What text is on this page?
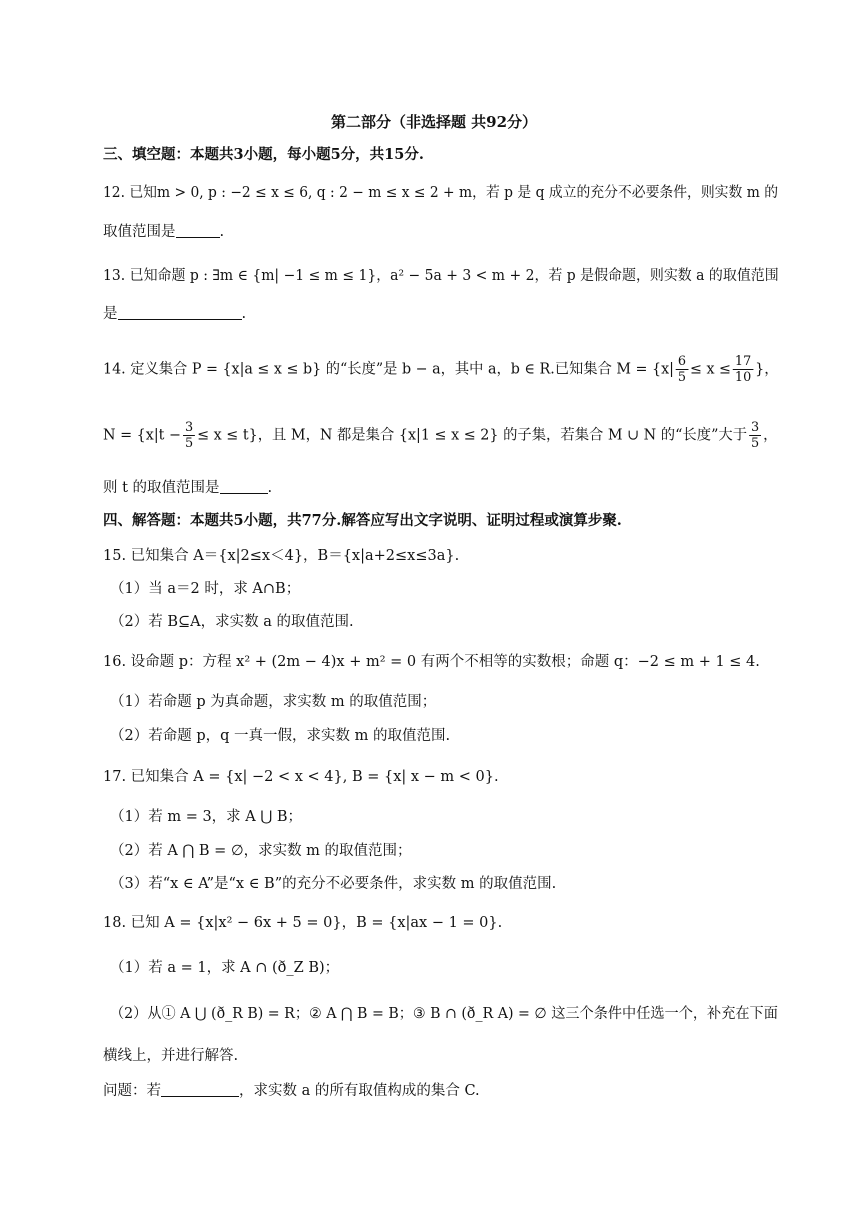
第二部分（非选择题 共92分）
三、填空题：本题共3小题，每小题5分，共15分.
12. 已知m > 0, p : −2 ≤ x ≤ 6, q : 2 − m ≤ x ≤ 2 + m，若 p 是 q 成立的充分不必要条件，则实数 m 的
取值范围是	.
13. 已知命题 p : ∃m ∈ {m| −1 ≤ m ≤ 1}，a² − 5a + 3 < m + 2，若 p 是假命题，则实数 a 的取值范围
是	.
14. 定义集合 P = {x|a ≤ x ≤ b} 的“长度”是 b − a，其中 a，b ∈ R.已知集合 $M = \{x| \frac{6}{5} \le x \le \frac{17}{10}$ }，
$N = \{x|t - \frac{3}{5} \le x \le t\}$，且 M，N 都是集合 {x|1 ≤ x ≤ 2} 的子集，若集合 M ∪ N 的“长度”大于 $\frac{3}{5}$ ，
则 t 的取值范围是	.
四、解答题：本题共5小题，共77分.解答应写出文字说明、证明过程或演算步聚.
15. 已知集合 A＝{x|2≤x＜4}，B＝{x|a+2≤x≤3a}.
（1）当 a＝2 时，求 A∩B；
（2）若 B⊆A，求实数 a 的取值范围.
16. 设命题 p：方程 x² + (2m − 4)x + m² = 0 有两个不相等的实数根；命题 q：−2 ≤ m + 1 ≤ 4.
（1）若命题 p 为真命题，求实数 m 的取值范围；
（2）若命题 p，q 一真一假，求实数 m 的取值范围.
17. 已知集合 A = {x| −2 < x < 4}, B = {x| x − m < 0}.
（1）若 m = 3，求 A ⋃ B；
（2）若 A ⋂ B = ∅，求实数 m 的取值范围；
（3）若“x ∈ A”是“x ∈ B”的充分不必要条件，求实数 m 的取值范围.
18. 已知 A = {x|x² − 6x + 5 = 0}，B = {x|ax − 1 = 0}.
（1）若 a = 1，求 A ∩ (ð_Z B)；
（2）从① A ⋃ (ð_R B) = R；② A ⋂ B = B；③ B ∩ (ð_R A) = ∅ 这三个条件中任选一个，补充在下面
横线上，并进行解答.
问题：若	，求实数 a 的所有取值构成的集合 C.
